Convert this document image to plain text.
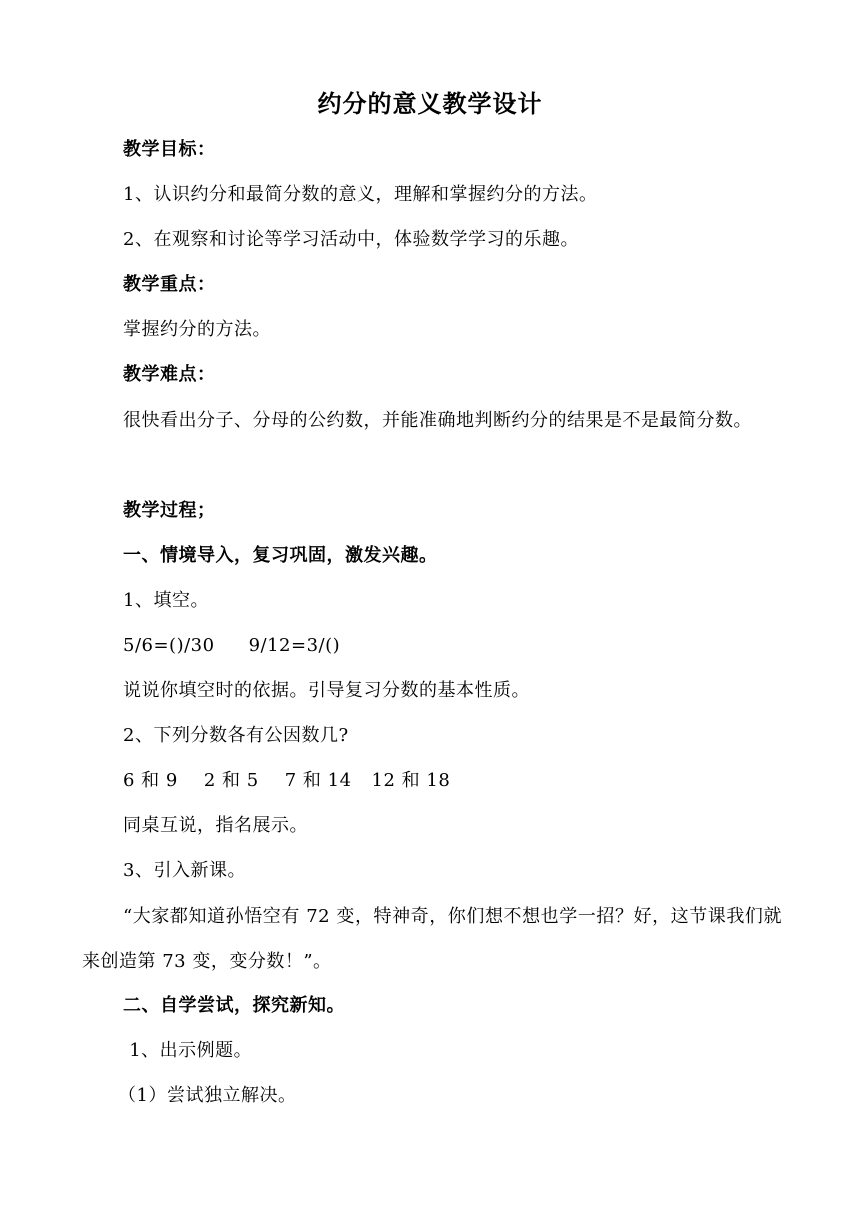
约分的意义教学设计
教学目标：
1、认识约分和最简分数的意义，理解和掌握约分的方法。
2、在观察和讨论等学习活动中，体验数学学习的乐趣。
教学重点：
掌握约分的方法。
教学难点：
很快看出分子、分母的公约数，并能准确地判断约分的结果是不是最简分数。
教学过程；
一、情境导入，复习巩固，激发兴趣。
1、填空。
5/6=()/30 9/12=3/()
说说你填空时的依据。引导复习分数的基本性质。
2、下列分数各有公因数几?
6 和 9 2 和 5 7 和 14 12 和 18
同桌互说，指名展示。
3、引入新课。
“大家都知道孙悟空有 72 变，特神奇，你们想不想也学一招？好，这节课我们就来创造第 73 变，变分数！”。
二、自学尝试，探究新知。
1、出示例题。
（1）尝试独立解决。
